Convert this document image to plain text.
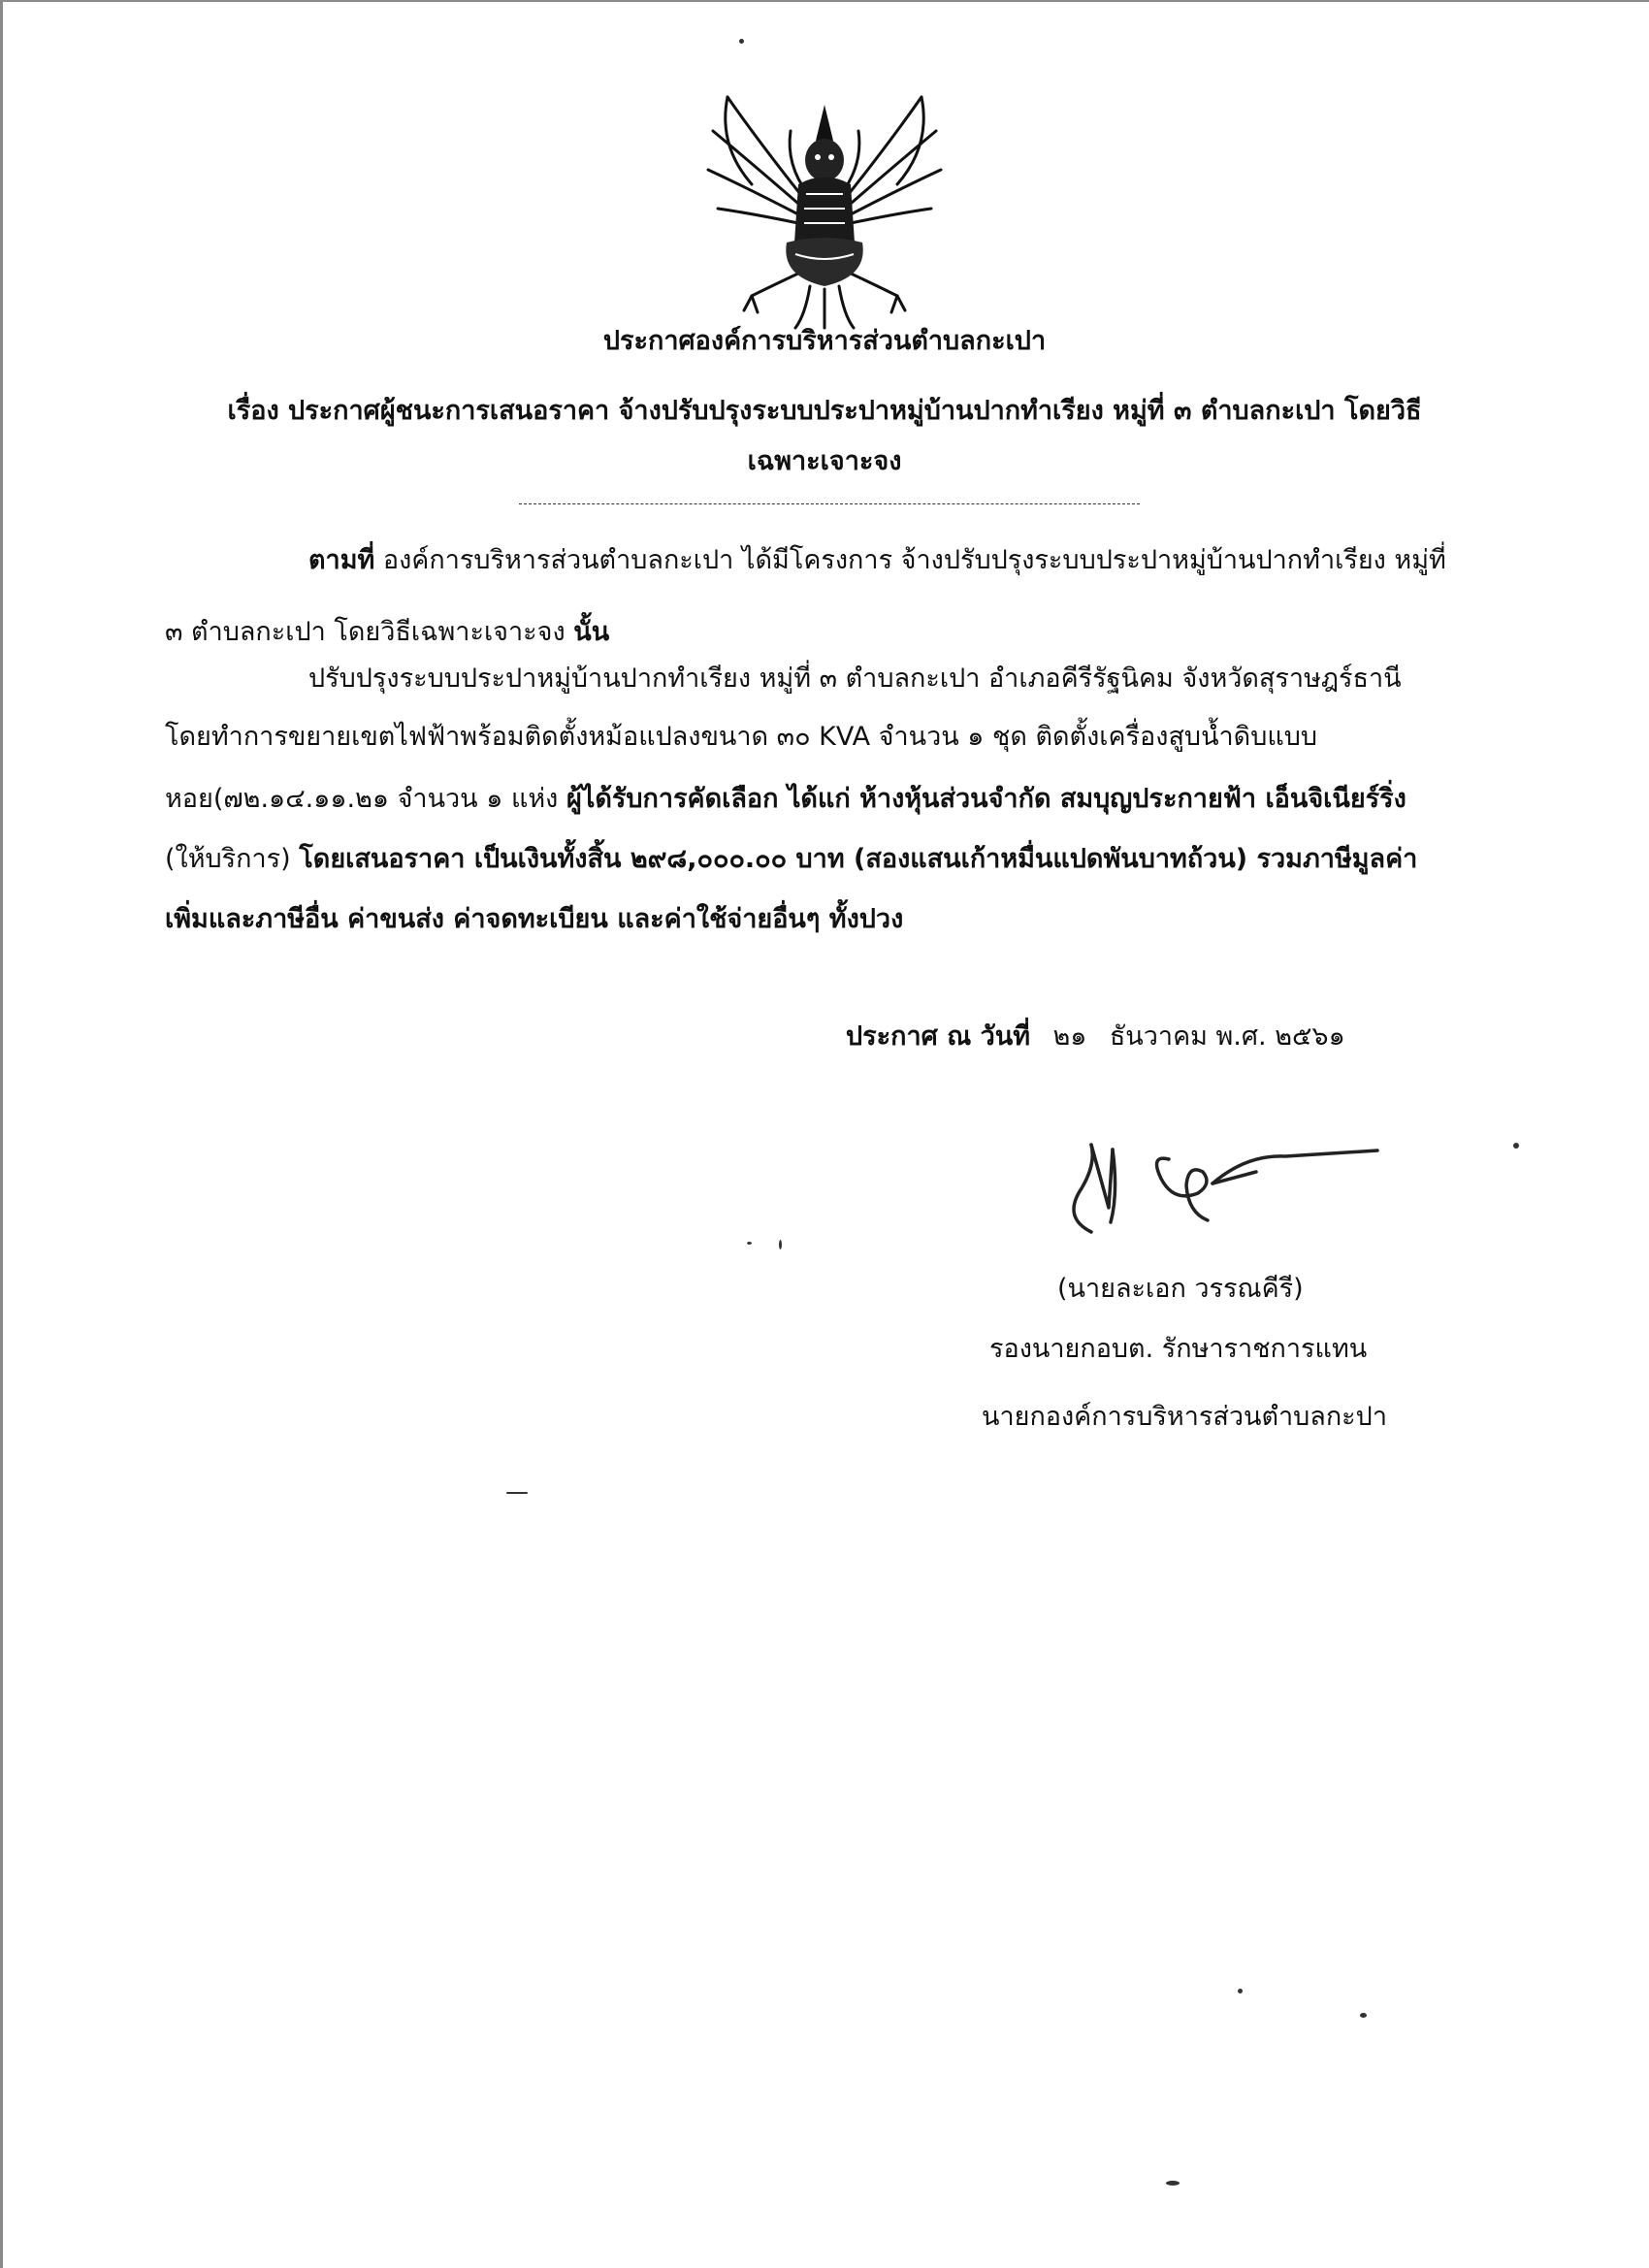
ประกาศองค์การบริหารส่วนตำบลกะเปา
เรื่อง ประกาศผู้ชนะการเสนอราคา จ้างปรับปรุงระบบประปาหมู่บ้านปากทำเรียง หมู่ที่ ๓ ตำบลกะเปา โดยวิธี
เฉพาะเจาะจง
ตามที่ องค์การบริหารส่วนตำบลกะเปา ได้มีโครงการ จ้างปรับปรุงระบบประปาหมู่บ้านปากทำเรียง หมู่ที่
๓ ตำบลกะเปา โดยวิธีเฉพาะเจาะจง นั้น
ปรับปรุงระบบประปาหมู่บ้านปากทำเรียง หมู่ที่ ๓ ตำบลกะเปา อำเภอคีรีรัฐนิคม จังหวัดสุราษฎร์ธานี
โดยทำการขยายเขตไฟฟ้าพร้อมติดตั้งหม้อแปลงขนาด ๓๐ KVA จำนวน ๑ ชุด ติดตั้งเครื่องสูบน้ำดิบแบบ
หอย(๗๒.๑๔.๑๑.๒๑ จำนวน ๑ แห่ง ผู้ได้รับการคัดเลือก ได้แก่ ห้างหุ้นส่วนจำกัด สมบุญประกายฟ้า เอ็นจิเนียร์ริ่ง
(ให้บริการ) โดยเสนอราคา เป็นเงินทั้งสิ้น ๒๙๘,๐๐๐.๐๐ บาท (สองแสนเก้าหมื่นแปดพันบาทถ้วน) รวมภาษีมูลค่า
เพิ่มและภาษีอื่น ค่าขนส่ง ค่าจดทะเบียน และค่าใช้จ่ายอื่นๆ ทั้งปวง
ประกาศ ณ วันที่ ๒๑ ธันวาคม พ.ศ. ๒๕๖๑
(นายละเอก วรรณคีรี)
รองนายกอบต. รักษาราชการแทน
นายกองค์การบริหารส่วนตำบลกะปา
